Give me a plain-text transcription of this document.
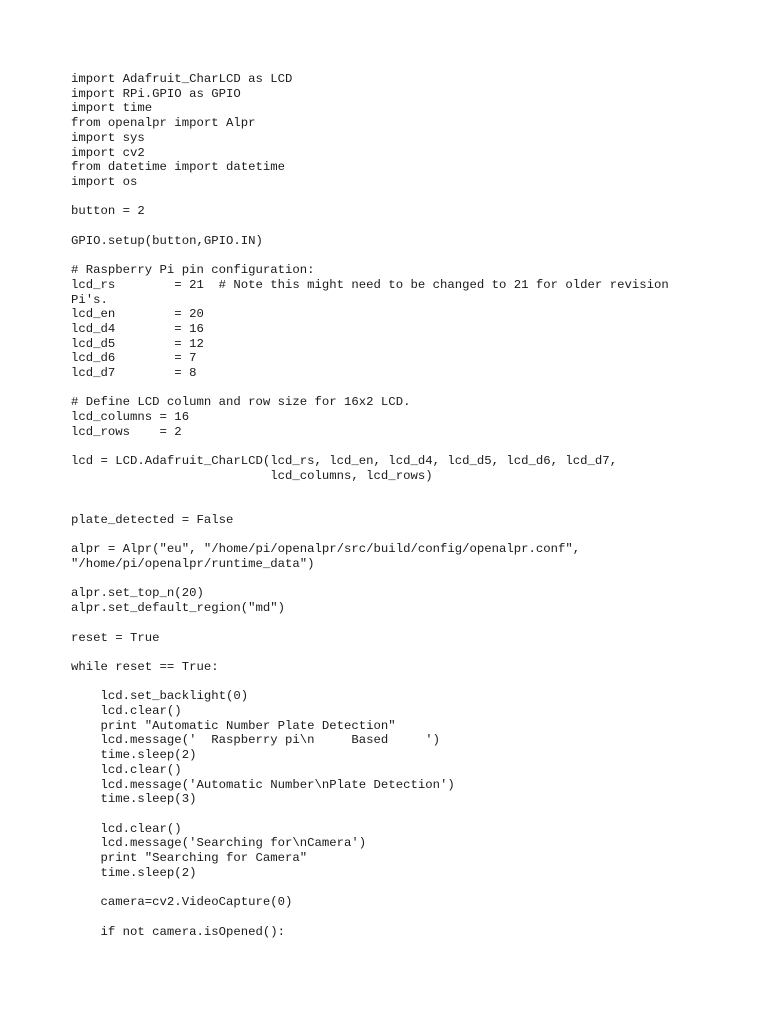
import Adafruit_CharLCD as LCD
import RPi.GPIO as GPIO
import time
from openalpr import Alpr
import sys
import cv2
from datetime import datetime
import os
button = 2
GPIO.setup(button,GPIO.IN)
# Raspberry Pi pin configuration:
lcd_rs        = 21  # Note this might need to be changed to 21 for older revision
Pi's.
lcd_en        = 20
lcd_d4        = 16
lcd_d5        = 12
lcd_d6        = 7
lcd_d7        = 8
# Define LCD column and row size for 16x2 LCD.
lcd_columns = 16
lcd_rows    = 2
lcd = LCD.Adafruit_CharLCD(lcd_rs, lcd_en, lcd_d4, lcd_d5, lcd_d6, lcd_d7,
lcd_columns, lcd_rows)
plate_detected = False
alpr = Alpr("eu", "/home/pi/openalpr/src/build/config/openalpr.conf",
"/home/pi/openalpr/runtime_data")
alpr.set_top_n(20)
alpr.set_default_region("md")
reset = True
while reset == True:
lcd.set_backlight(0)
lcd.clear()
print "Automatic Number Plate Detection"
lcd.message('  Raspberry pi\n     Based     ')
time.sleep(2)
lcd.clear()
lcd.message('Automatic Number\nPlate Detection')
time.sleep(3)
lcd.clear()
lcd.message('Searching for\nCamera')
print "Searching for Camera"
time.sleep(2)
camera=cv2.VideoCapture(0)
if not camera.isOpened():
